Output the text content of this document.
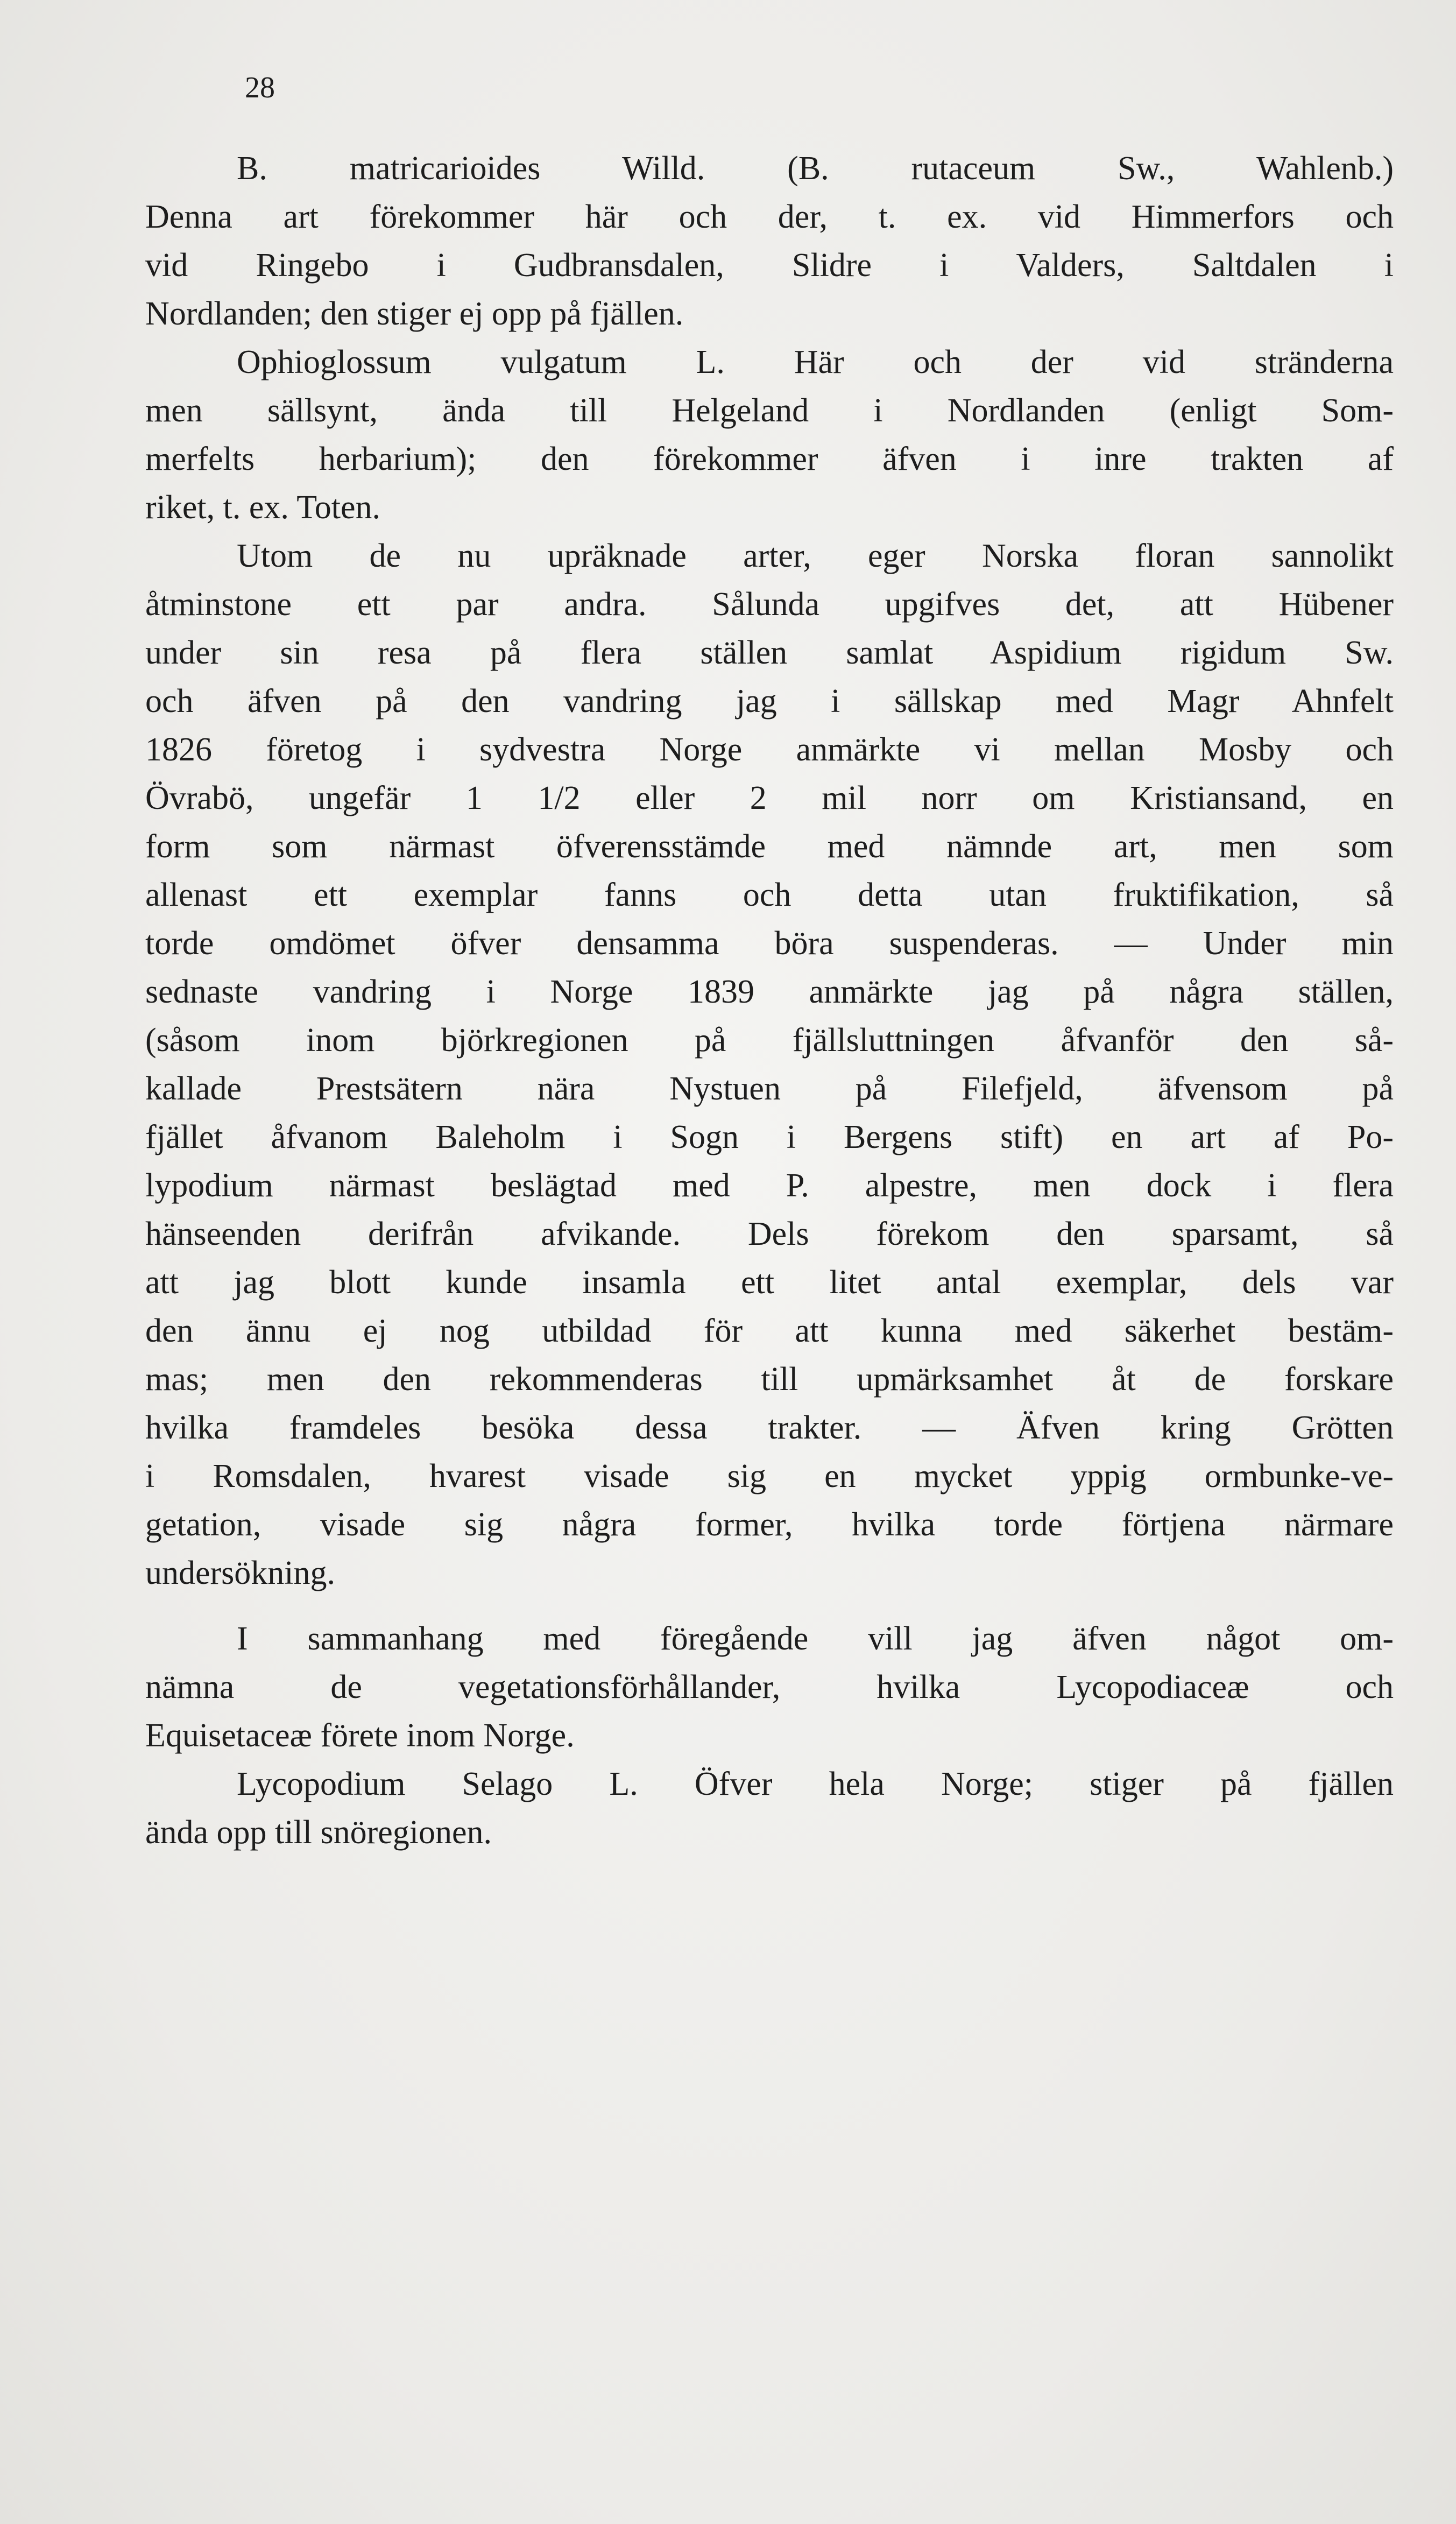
28

B. matricarioides Willd. (B. rutaceum Sw., Wahlenb.)
Denna art förekommer här och der, t. ex. vid Himmerfors och
vid Ringebo i Gudbransdalen, Slidre i Valders, Saltdalen i
Nordlanden; den stiger ej opp på fjällen.
Ophioglossum vulgatum L. Här och der vid stränderna
men sällsynt, ända till Helgeland i Nordlanden (enligt Som-
merfelts herbarium); den förekommer äfven i inre trakten af
riket, t. ex. Toten.
Utom de nu upräknade arter, eger Norska floran sannolikt
åtminstone ett par andra. Sålunda upgifves det, att Hübener
under sin resa på flera ställen samlat Aspidium rigidum Sw.
och äfven på den vandring jag i sällskap med Magr Ahnfelt
1826 företog i sydvestra Norge anmärkte vi mellan Mosby och
Övrabö, ungefär 1 1/2 eller 2 mil norr om Kristiansand, en
form som närmast öfverensstämde med nämnde art, men som
allenast ett exemplar fanns och detta utan fruktifikation, så
torde omdömet öfver densamma böra suspenderas. — Under min
sednaste vandring i Norge 1839 anmärkte jag på några ställen,
(såsom inom björkregionen på fjällsluttningen åfvanför den så-
kallade Prestsätern nära Nystuen på Filefjeld, äfvensom på
fjället åfvanom Baleholm i Sogn i Bergens stift) en art af Po-
lypodium närmast beslägtad med P. alpestre, men dock i flera
hänseenden derifrån afvikande. Dels förekom den sparsamt, så
att jag blott kunde insamla ett litet antal exemplar, dels var
den ännu ej nog utbildad för att kunna med säkerhet bestäm-
mas; men den rekommenderas till upmärksamhet åt de forskare
hvilka framdeles besöka dessa trakter. — Äfven kring Grötten
i Romsdalen, hvarest visade sig en mycket yppig ormbunke-ve-
getation, visade sig några former, hvilka torde förtjena närmare
undersökning.
I sammanhang med föregående vill jag äfven något om-
nämna de vegetationsförhållander, hvilka Lycopodiaceæ och
Equisetaceæ förete inom Norge.
Lycopodium Selago L. Öfver hela Norge; stiger på fjällen
ända opp till snöregionen.
